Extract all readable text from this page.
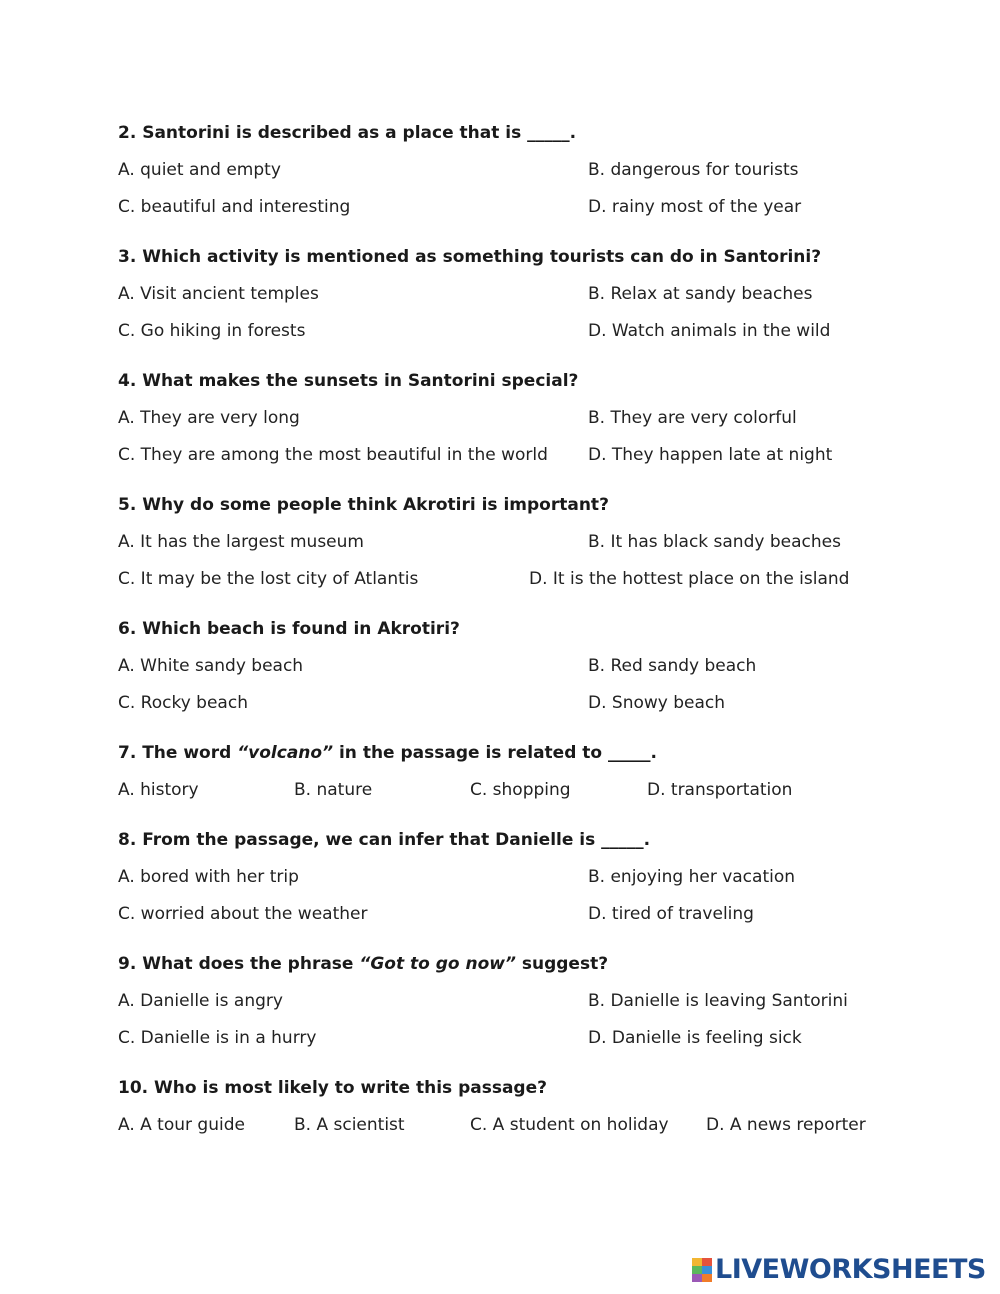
2. Santorini is described as a place that is _____.
A. quiet and empty	B. dangerous for tourists
C. beautiful and interesting	D. rainy most of the year
3. Which activity is mentioned as something tourists can do in Santorini?
A. Visit ancient temples	B. Relax at sandy beaches
C. Go hiking in forests	D. Watch animals in the wild
4. What makes the sunsets in Santorini special?
A. They are very long	B. They are very colorful
C. They are among the most beautiful in the world D. They happen late at night
5. Why do some people think Akrotiri is important?
A. It has the largest museum	B. It has black sandy beaches
C. It may be the lost city of Atlantis	D. It is the hottest place on the island
6. Which beach is found in Akrotiri?
A. White sandy beach	B. Red sandy beach
C. Rocky beach	D. Snowy beach
7. The word “volcano” in the passage is related to _____.
A. history	B. nature	C. shopping	D. transportation
8. From the passage, we can infer that Danielle is _____.
A. bored with her trip	B. enjoying her vacation
C. worried about the weather	D. tired of traveling
9. What does the phrase “Got to go now” suggest?
A. Danielle is angry	B. Danielle is leaving Santorini
C. Danielle is in a hurry	D. Danielle is feeling sick
10. Who is most likely to write this passage?
A. A tour guide	B. A scientist	C. A student on holiday D. A news reporter
LIVEWORKSHEETS
